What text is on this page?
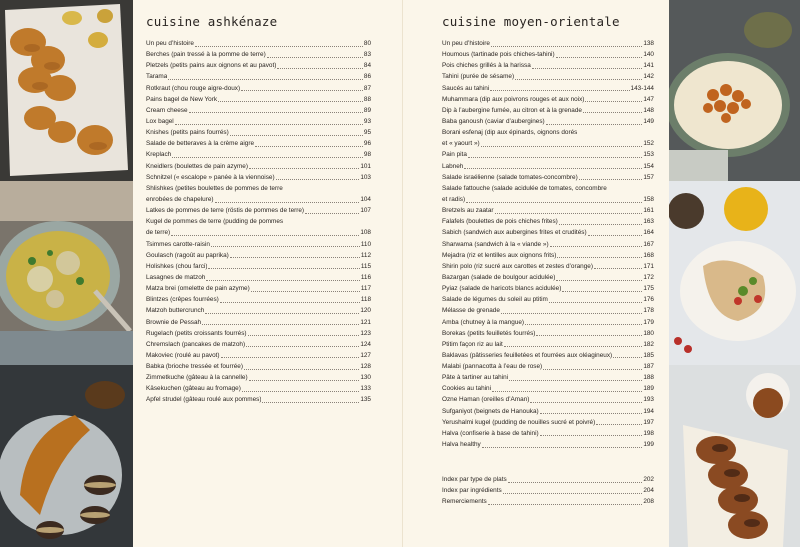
cuisine ashkénaze
Un peu d’histoire	80
Berches (pain tressé à la pomme de terre)	83
Pletzels (petits pains aux oignons et au pavot)	84
Tarama	86
Rotkraut (chou rouge aigre-doux)	87
Pains bagel de New York	88
Cream cheese	89
Lox bagel	93
Knishes (petits pains fourrés)	95
Salade de betteraves à la crème aigre	96
Kreplach	98
Kneidlers (boulettes de pain azyme)	101
Schnitzel (« escalope » panée à la viennoise)	103
Shlishkes (petites boulettes de pommes de terre
enrobées de chapelure)	104
Latkes de pommes de terre (röstis de pommes de terre)	107
Kugel de pommes de terre (pudding de pommes
de terre)	108
Tsimmes carotte-raisin	110
Goulasch (ragoût au paprika)	112
Holishkes (chou farci)	115
Lasagnes de matzoh	116
Matza brei (omelette de pain azyme)	117
Blintzes (crêpes fourrées)	118
Matzoh buttercrunch	120
Brownie de Pessah	121
Rugelach (petits croissants fourrés)	123
Chremslach (pancakes de matzoh)	124
Makoviec (roulé au pavot)	127
Babka (brioche tressée et fourrée)	128
Zimmetkuche (gâteau à la cannelle)	130
Käsekuchen (gâteau au fromage)	133
Apfel strudel (gâteau roulé aux pommes)	135
cuisine moyen-orientale
Un peu d’histoire	138
Houmous (tartinade pois chiches-tahini)	140
Pois chiches grillés à la harissa	141
Tahini (purée de sésame)	142
Saucés au tahini	143-144
Muhammara (dip aux poivrons rouges et aux noix)	147
Dip à l’aubergine fumée, au citron et à la grenade	148
Baba ganoush (caviar d’aubergines)	149
Borani esfenaj (dip aux épinards, oignons dorés
et « yaourt »)	152
Pain pita	153
Labneh	154
Salade israélienne (salade tomates-concombre)	157
Salade fattouche (salade acidulée de tomates, concombre
et radis)	158
Bretzels au zaatar	161
Falafels (boulettes de pois chiches frites)	163
Sabich (sandwich aux aubergines frites et crudités)	164
Sharwama (sandwich à la « viande »)	167
Mejadra (riz et lentilles aux oignons frits)	168
Shirin polo (riz sucré aux carottes et zestes d’orange)	171
Bazargan (salade de boulgour acidulée)	172
Pyiaz (salade de haricots blancs acidulée)	175
Salade de légumes du soleil au ptitim	176
Mélasse de grenade	178
Amba (chutney à la mangue)	179
Borekas (petits feuilletés fourrés)	180
Ptitim façon riz au lait	182
Baklavas (pâtisseries feuilletées et fourrées aux oléagineux)	185
Malabi (pannacotta à l’eau de rose)	187
Pâte à tartiner au tahini	188
Cookies au tahini	189
Ozne Haman (oreilles d’Aman)	193
Sufganiyot (beignets de Hanouka)	194
Yerushalmi kugel (pudding de nouilles sucré et poivré)	197
Halva (confiserie à base de tahini)	198
Halva healthy	199
Index par type de plats	202
Index par ingrédients	204
Remerciements	208
